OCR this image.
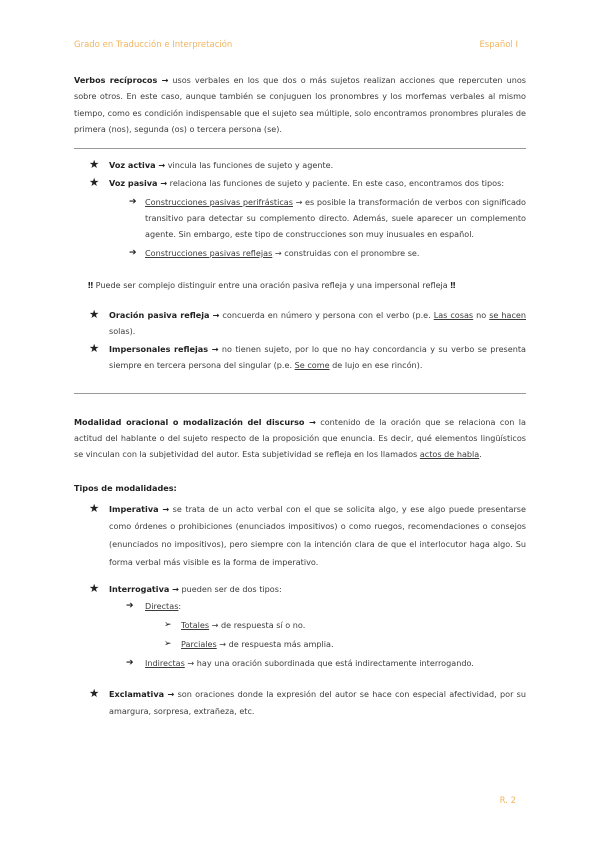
Grado en Traducción e Interpretación	Español I

Verbos recíprocos → usos verbales en los que dos o más sujetos realizan acciones que repercuten unos sobre otros. En este caso, aunque también se conjuguen los pronombres y los morfemas verbales al mismo tiempo, como es condición indispensable que el sujeto sea múltiple, solo encontramos pronombres plurales de primera (nos), segunda (os) o tercera persona (se).

★ Voz activa → vincula las funciones de sujeto y agente.
★ Voz pasiva → relaciona las funciones de sujeto y paciente. En este caso, encontramos dos tipos:
➔ Construcciones pasivas perifrásticas → es posible la transformación de verbos con significado transitivo para detectar su complemento directo. Además, suele aparecer un complemento agente. Sin embargo, este tipo de construcciones son muy inusuales en español.
➔ Construcciones pasivas reflejas → construidas con el pronombre se.
‼ Puede ser complejo distinguir entre una oración pasiva refleja y una impersonal refleja ‼
★ Oración pasiva refleja → concuerda en número y persona con el verbo (p.e. Las cosas no se hacen solas).
★ Impersonales reflejas → no tienen sujeto, por lo que no hay concordancia y su verbo se presenta siempre en tercera persona del singular (p.e. Se come de lujo en ese rincón).

Modalidad oracional o modalización del discurso → contenido de la oración que se relaciona con la actitud del hablante o del sujeto respecto de la proposición que enuncia. Es decir, qué elementos lingüísticos se vinculan con la subjetividad del autor. Esta subjetividad se refleja en los llamados actos de habla.

Tipos de modalidades:
★ Imperativa → se trata de un acto verbal con el que se solicita algo, y ese algo puede presentarse como órdenes o prohibiciones (enunciados impositivos) o como ruegos, recomendaciones o consejos (enunciados no impositivos), pero siempre con la intención clara de que el interlocutor haga algo. Su forma verbal más visible es la forma de imperativo.
★ Interrogativa → pueden ser de dos tipos:
➔ Directas:
➢ Totales → de respuesta sí o no.
➢ Parciales → de respuesta más amplia.
➔ Indirectas → hay una oración subordinada que está indirectamente interrogando.
★ Exclamativa → son oraciones donde la expresión del autor se hace con especial afectividad, por su amargura, sorpresa, extrañeza, etc.
R. 2
